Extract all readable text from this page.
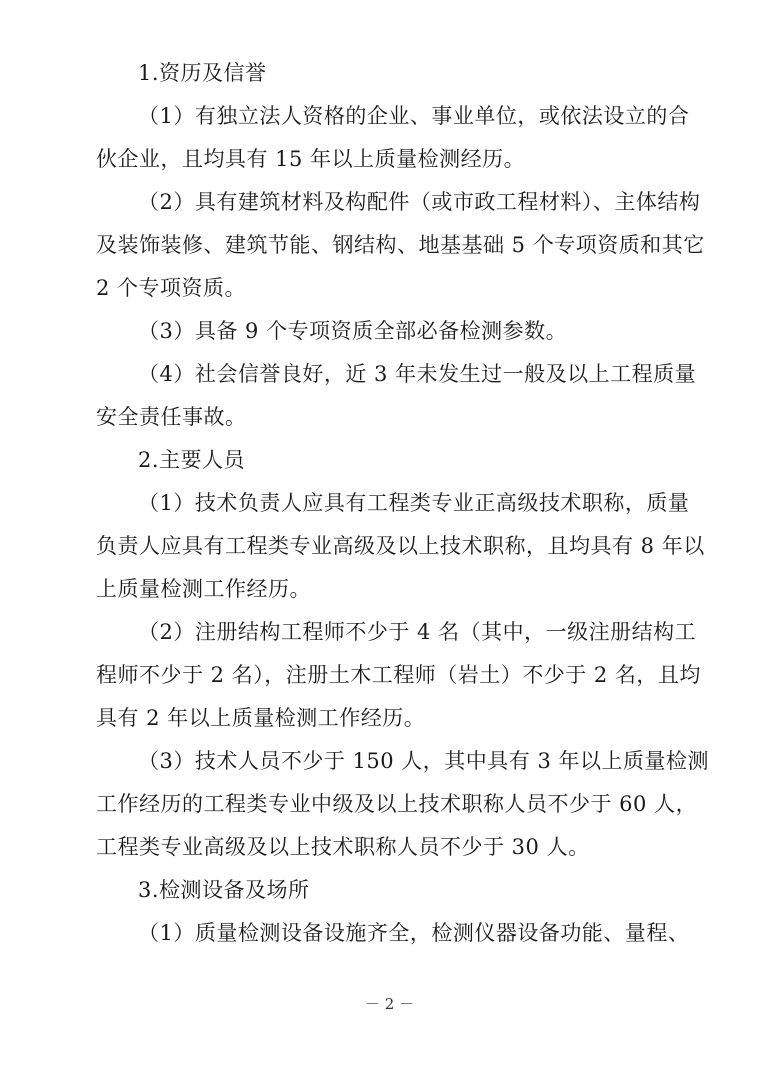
1.资历及信誉
（1）有独立法人资格的企业、事业单位，或依法设立的合
伙企业，且均具有 15 年以上质量检测经历。
（2）具有建筑材料及构配件（或市政工程材料）、主体结构
及装饰装修、建筑节能、钢结构、地基基础 5 个专项资质和其它
2 个专项资质。
（3）具备 9 个专项资质全部必备检测参数。
（4）社会信誉良好，近 3 年未发生过一般及以上工程质量
安全责任事故。
2.主要人员
（1）技术负责人应具有工程类专业正高级技术职称，质量
负责人应具有工程类专业高级及以上技术职称，且均具有 8 年以
上质量检测工作经历。
（2）注册结构工程师不少于 4 名（其中，一级注册结构工
程师不少于 2 名），注册土木工程师（岩土）不少于 2 名，且均
具有 2 年以上质量检测工作经历。
（3）技术人员不少于 150 人，其中具有 3 年以上质量检测
工作经历的工程类专业中级及以上技术职称人员不少于 60 人，
工程类专业高级及以上技术职称人员不少于 30 人。
3.检测设备及场所
（1）质量检测设备设施齐全，检测仪器设备功能、量程、
－ 2 －
